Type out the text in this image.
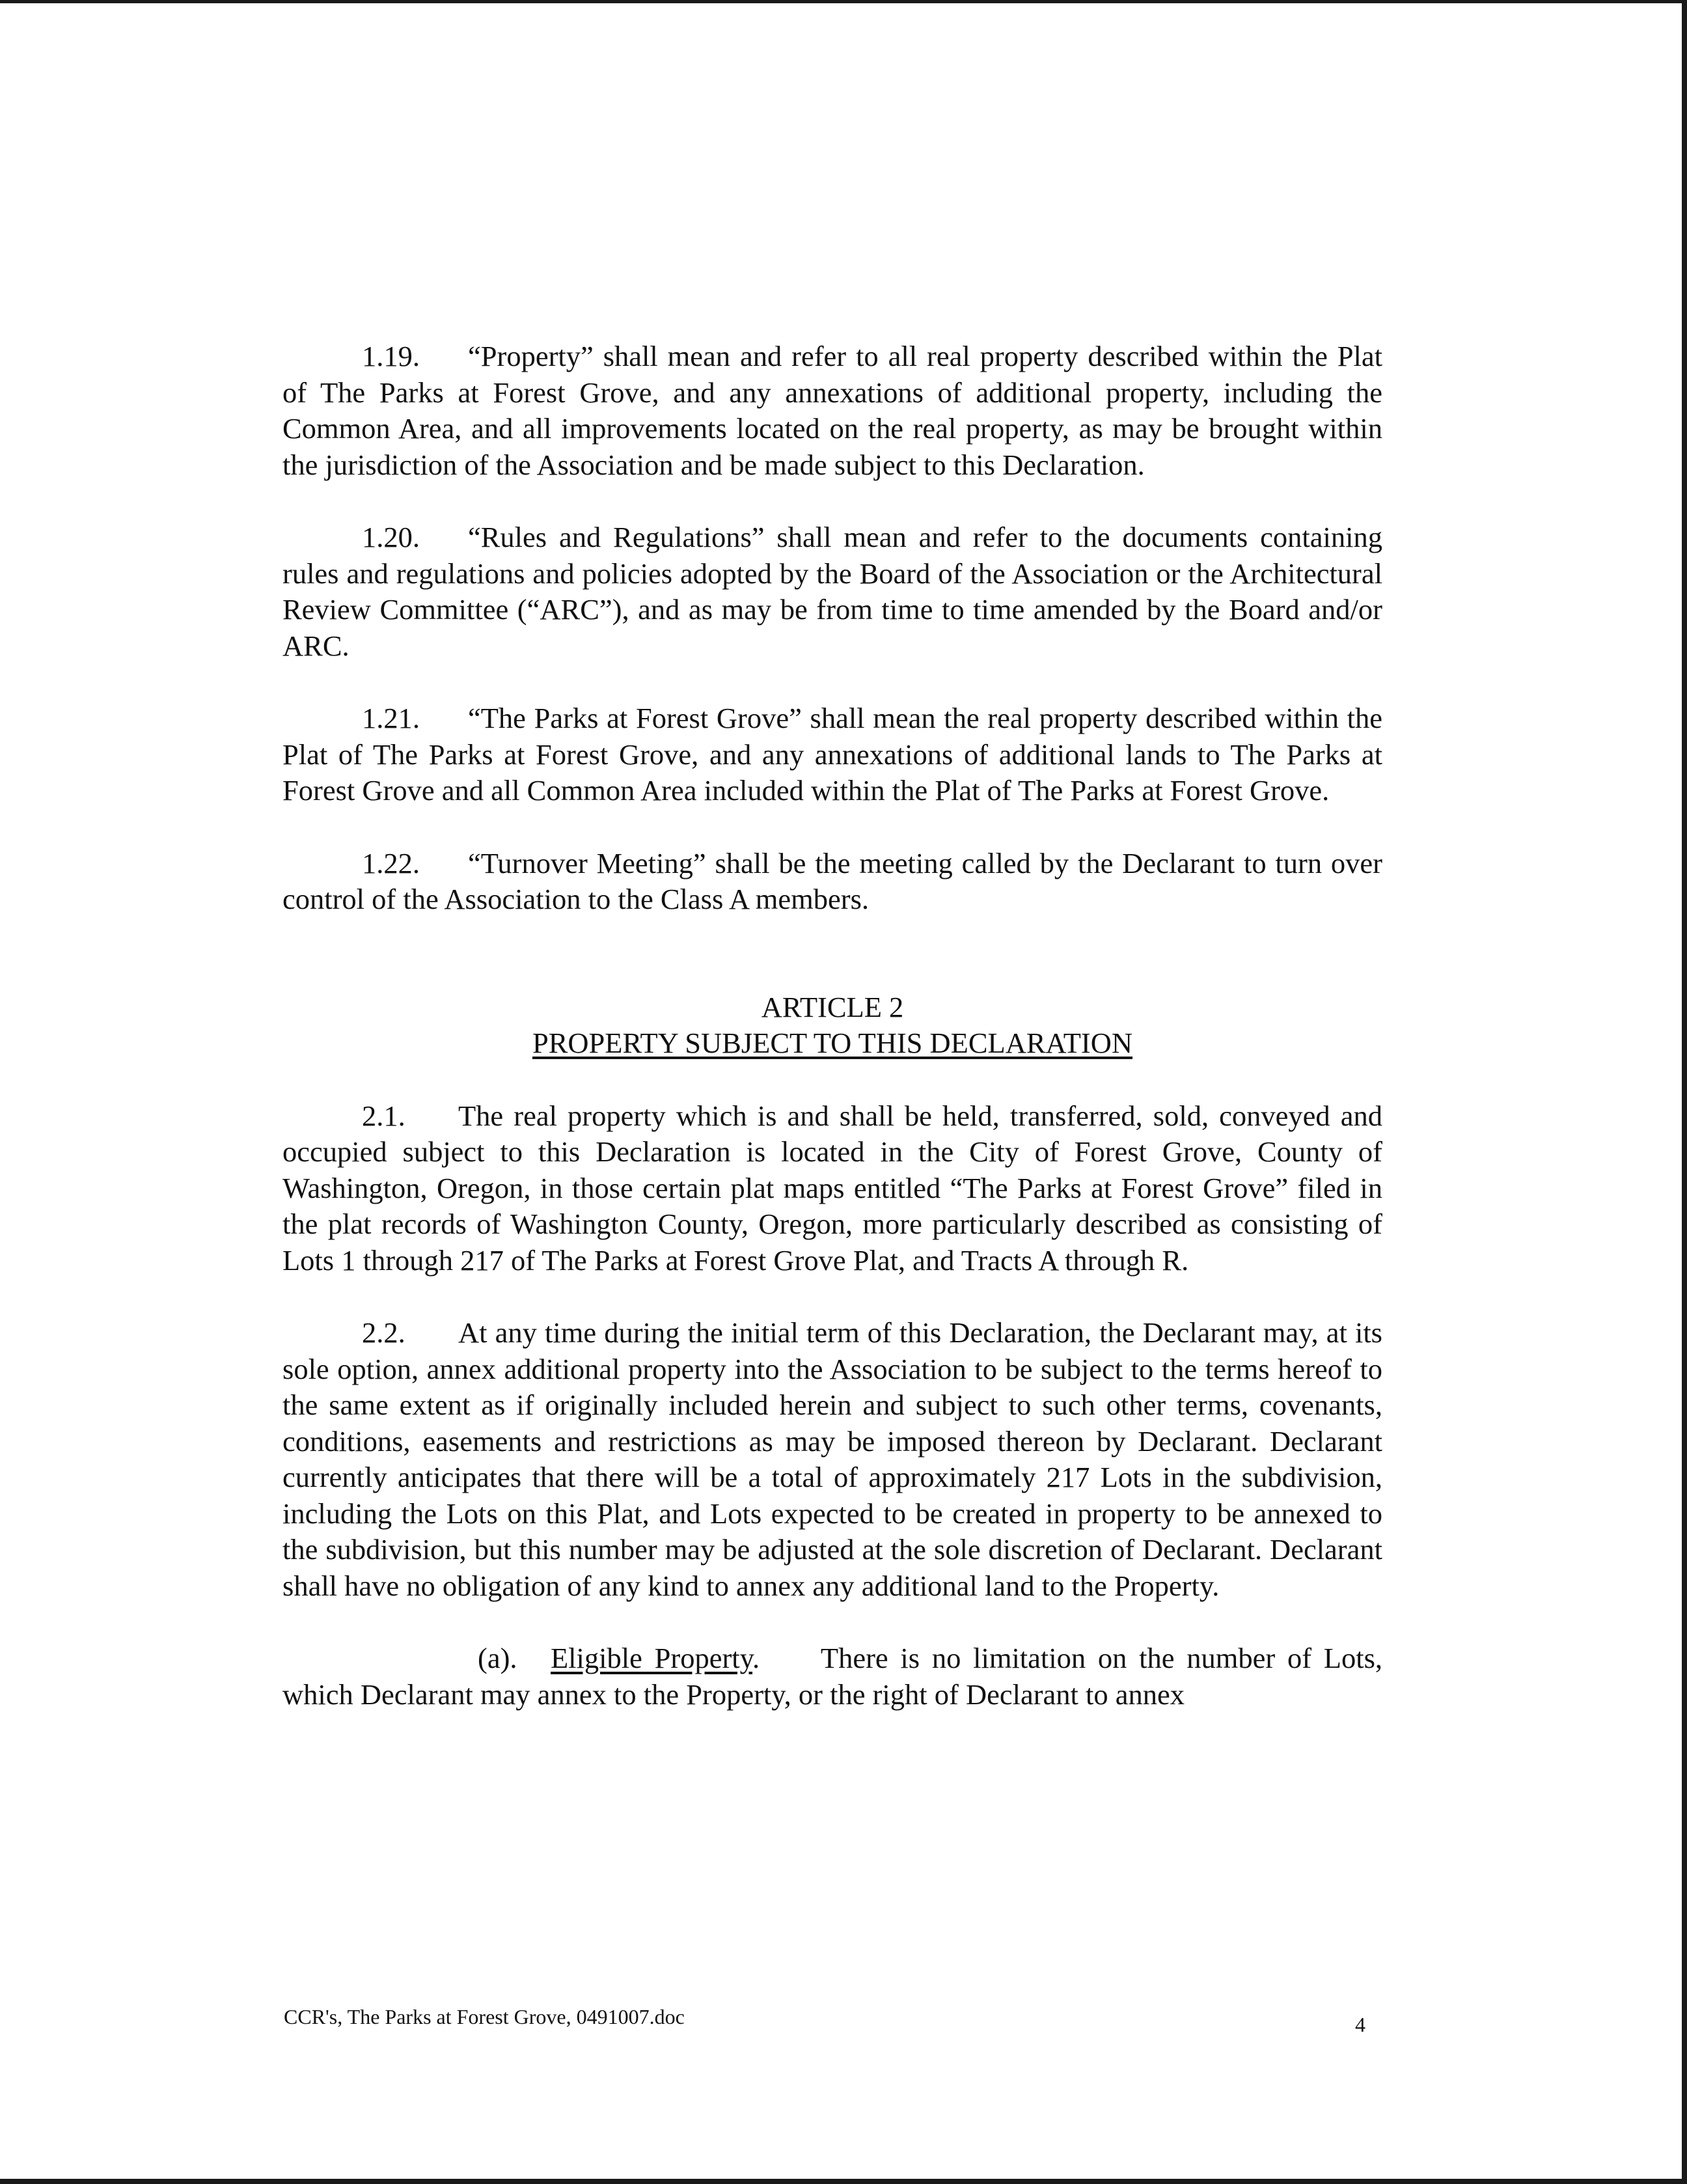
1.19. “Property” shall mean and refer to all real property described within the Plat of The Parks at Forest Grove, and any annexations of additional property, including the Common Area, and all improvements located on the real property, as may be brought within the jurisdiction of the Association and be made subject to this Declaration.

1.20. “Rules and Regulations” shall mean and refer to the documents containing rules and regulations and policies adopted by the Board of the Association or the Architectural Review Committee (“ARC”), and as may be from time to time amended by the Board and/or ARC.

1.21. “The Parks at Forest Grove” shall mean the real property described within the Plat of The Parks at Forest Grove, and any annexations of additional lands to The Parks at Forest Grove and all Common Area included within the Plat of The Parks at Forest Grove.

1.22. “Turnover Meeting” shall be the meeting called by the Declarant to turn over control of the Association to the Class A members.

ARTICLE 2
PROPERTY SUBJECT TO THIS DECLARATION

2.1. The real property which is and shall be held, transferred, sold, conveyed and occupied subject to this Declaration is located in the City of Forest Grove, County of Washington, Oregon, in those certain plat maps entitled “The Parks at Forest Grove” filed in the plat records of Washington County, Oregon, more particularly described as consisting of Lots 1 through 217 of The Parks at Forest Grove Plat, and Tracts A through R.

2.2. At any time during the initial term of this Declaration, the Declarant may, at its sole option, annex additional property into the Association to be subject to the terms hereof to the same extent as if originally included herein and subject to such other terms, covenants, conditions, easements and restrictions as may be imposed thereon by Declarant. Declarant currently anticipates that there will be a total of approximately 217 Lots in the subdivision, including the Lots on this Plat, and Lots expected to be created in property to be annexed to the subdivision, but this number may be adjusted at the sole discretion of Declarant. Declarant shall have no obligation of any kind to annex any additional land to the Property.

(a). Eligible Property.     There is no limitation on the number of Lots, which Declarant may annex to the Property, or the right of Declarant to annex

CCR's, The Parks at Forest Grove, 0491007.doc	4
